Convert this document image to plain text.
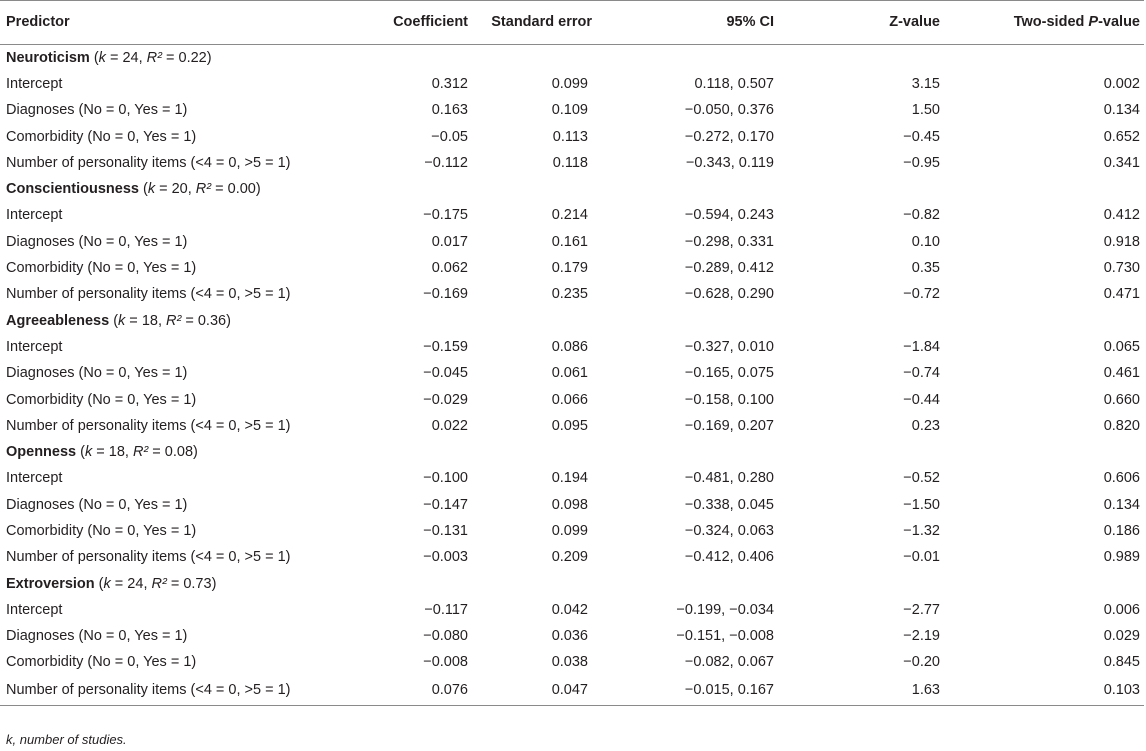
Predictor	Coefficient	Standard error	95% CI	Z-value	Two-sided P-value
Neuroticism (k = 24, R² = 0.22)					
Intercept	0.312	0.099	0.118, 0.507	3.15	0.002
Diagnoses (No = 0, Yes = 1)	0.163	0.109	−0.050, 0.376	1.50	0.134
Comorbidity (No = 0, Yes = 1)	−0.05	0.113	−0.272, 0.170	−0.45	0.652
Number of personality items (<4 = 0, >5 = 1)	−0.112	0.118	−0.343, 0.119	−0.95	0.341
Conscientiousness (k = 20, R² = 0.00)					
Intercept	−0.175	0.214	−0.594, 0.243	−0.82	0.412
Diagnoses (No = 0, Yes = 1)	0.017	0.161	−0.298, 0.331	0.10	0.918
Comorbidity (No = 0, Yes = 1)	0.062	0.179	−0.289, 0.412	0.35	0.730
Number of personality items (<4 = 0, >5 = 1)	−0.169	0.235	−0.628, 0.290	−0.72	0.471
Agreeableness (k = 18, R² = 0.36)					
Intercept	−0.159	0.086	−0.327, 0.010	−1.84	0.065
Diagnoses (No = 0, Yes = 1)	−0.045	0.061	−0.165, 0.075	−0.74	0.461
Comorbidity (No = 0, Yes = 1)	−0.029	0.066	−0.158, 0.100	−0.44	0.660
Number of personality items (<4 = 0, >5 = 1)	0.022	0.095	−0.169, 0.207	0.23	0.820
Openness (k = 18, R² = 0.08)					
Intercept	−0.100	0.194	−0.481, 0.280	−0.52	0.606
Diagnoses (No = 0, Yes = 1)	−0.147	0.098	−0.338, 0.045	−1.50	0.134
Comorbidity (No = 0, Yes = 1)	−0.131	0.099	−0.324, 0.063	−1.32	0.186
Number of personality items (<4 = 0, >5 = 1)	−0.003	0.209	−0.412, 0.406	−0.01	0.989
Extroversion (k = 24, R² = 0.73)					
Intercept	−0.117	0.042	−0.199, −0.034	−2.77	0.006
Diagnoses (No = 0, Yes = 1)	−0.080	0.036	−0.151, −0.008	−2.19	0.029
Comorbidity (No = 0, Yes = 1)	−0.008	0.038	−0.082, 0.067	−0.20	0.845
Number of personality items (<4 = 0, >5 = 1)	0.076	0.047	−0.015, 0.167	1.63	0.103
k, number of studies.
